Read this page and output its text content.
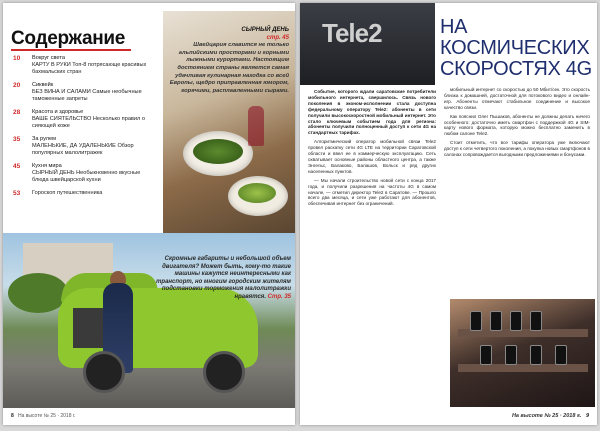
Содержание
10	Вокруг света
КАРТУ В РУКИ Топ-8 потрясающе красивых бахмальских стран
20	Сиквейк
БЕЗ ВИНА И САЛАМИ Самые необычные таможенные запреты
28	Красота и здоровье
ВАШЕ СИЯТЕЛЬСТВО Несколько правил о сияющей коже
35	За рулем
МАЛЕНЬКИЕ, ДА УДАЛЕНЬКИЕ Обзор популярных малолитражек
45	Кухня мира
СЫРНЫЙ ДЕНЬ Необыкновенно вкусные блюда швейцарской кухни
53	Гороскоп путешественника
СЫРНЫЙ ДЕНЬ
стр. 45
Швейцария славится не только альпийскими просторами и горными лыжными курортами. Настоящим достоянием страны является самая удачливая кулинарная находка со всей Европы, щедро приправленная юмором, горячими, расплавленными сырами.
Скромные габариты и небольшой объем двигателя? Может быть, кому-то такие машины кажутся неинтересными как транспорт, но многим городским жителям подстановки торможения малолитражки нравятся. Стр. 35
8 На высоте № 25 · 2018 г.
Tele2	НА КОСМИЧЕСКИХ СКОРОСТЯХ 4G

Событие, которого ждали саратовские потребители мобильного интернета, свершилось. Связь нового поколения в эконом-исполнении стала доступна федеральному оператору Tele2: абоненты в сети получили высокоскоростной мобильный интернет. Это стало ключевым событием года для региона: абоненты получили полноценный доступ к сети 4G на стандартных тарифах.

Алгоритмический оператор мобильной связи Tele2 провел раскатку сети 4G LTE на территории Саратовской области и ввел ее в коммерческую эксплуатацию. Сеть охватывает основные районы областного центра, а также Энгельс, Балаково, Балашов, Вольск и ряд других населенных пунктов.

— Мы начали строительство новой сети с конца 2017 года, и получили разрешения на частоты 4G в самом начале, — отметил директор Tele2 в Саратове. — Прошло всего два месяца, и сети уже работают для абонентов, обеспечивая интернет без ограничений.

мобильный интернет со скоростью до 50 Мбит/сек. Это скорость близка к домашней, достаточной для потокового видео и онлайн-игр. Абоненты отмечают стабильное соединение и высокое качество связи.

Как пояснил Олег Пышаков, абоненты не должны делать ничего особенного: достаточно иметь смартфон с поддержкой 4G и SIM-карту нового формата, которую можно бесплатно заменить в любом салоне Tele2.

Стоит отметить, что все тарифы оператора уже включают доступ к сети четвертого поколения, а покупка новых смартфонов в салонах сопровождается выгодными предложениями и бонусами.

На высоте № 25 · 2018 г. 9
